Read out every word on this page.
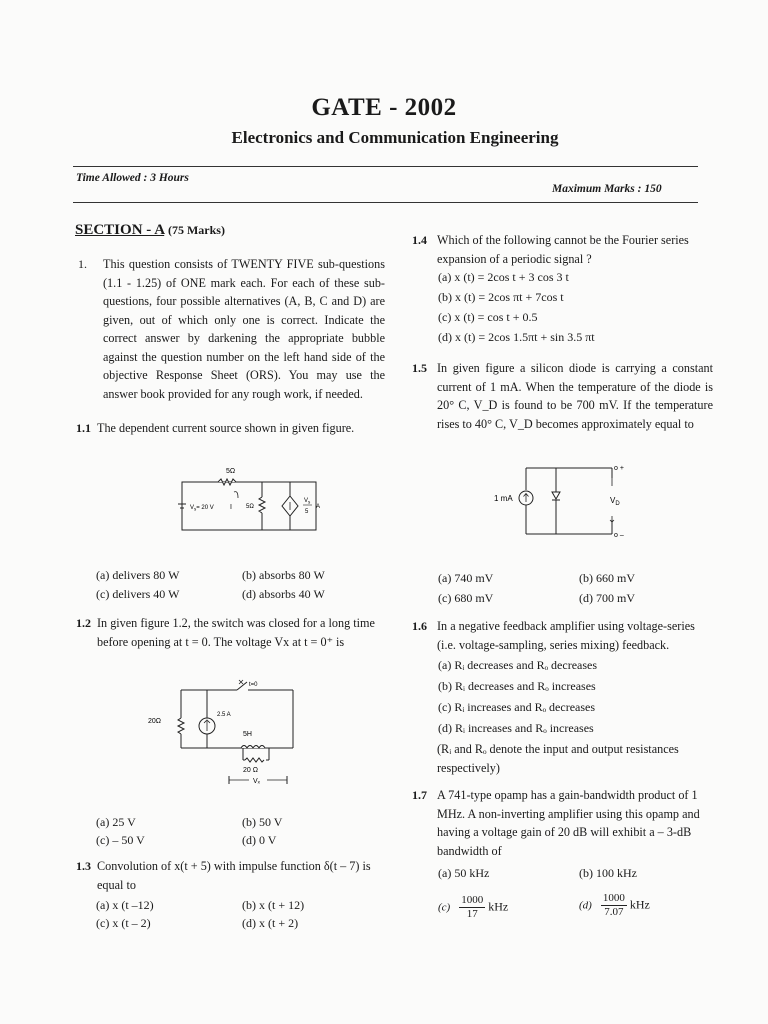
GATE - 2002
Electronics and Communication Engineering
Time Allowed : 3 Hours
Maximum Marks : 150
SECTION - A (75 Marks)
1. This question consists of TWENTY FIVE sub-questions (1.1 - 1.25) of ONE mark each. For each of these sub-questions, four possible alternatives (A, B, C and D) are given, out of which only one is correct. Indicate the correct answer by darkening the appropriate bubble against the question number on the left hand side of the objective Response Sheet (ORS). You may use the answer book provided for any rough work, if needed.
1.1 The dependent current source shown in given figure.
5Ω
$V_s= 20$ V	5Ω
I
$V_s$
5
A
(a) delivers 80 W	(b) absorbs 80 W
(c) delivers 40 W	(d) absorbs 40 W
1.2 In given figure 1.2, the switch was closed for a long time before opening at t = 0. The voltage Vx at t = 0⁺ is
20Ω
t=0
2.5 A
5H
20 Ω
Vₓ
(a) 25 V	(b) 50 V
(c) – 50 V	(d) 0 V
1.3 Convolution of x(t + 5) with impulse function δ(t – 7) is equal to
(a) x (t –12)	(b) x (t + 12)
(c) x (t – 2)	(d) x (t + 2)
1.4 Which of the following cannot be the Fourier series expansion of a periodic signal ?
(a) x (t) = 2cos t + 3 cos 3 t
(b) x (t) = 2cos πt + 7cos t
(c) x (t) = cos t + 0.5
(d) x (t) = 2cos 1.5πt + sin 3.5 πt
1.5 In given figure a silicon diode is carrying a constant current of 1 mA. When the temperature of the diode is 20° C, V_D is found to be 700 mV. If the temperature rises to 40° C, V_D becomes approximately equal to
1 mA
o +
o –
$V_D$
(a) 740 mV	(b) 660 mV
(c) 680 mV	(d) 700 mV
1.6 In a negative feedback amplifier using voltage-series (i.e. voltage-sampling, series mixing) feedback.
(a) Rᵢ decreases and Rₒ decreases
(b) Rᵢ decreases and Rₒ increases
(c) Rᵢ increases and Rₒ decreases
(d) Rᵢ increases and Rₒ increases
(Rᵢ and Rₒ denote the input and output resistances respectively)
1.7 A 741-type opamp has a gain-bandwidth product of 1 MHz. A non-inverting amplifier using this opamp and having a voltage gain of 20 dB will exhibit a – 3-dB bandwidth of
(a) 50 kHz	(b) 100 kHz
$(c) \frac{1000}{17}$ kHz	$(d) \frac{1000}{7.07}$ kHz
